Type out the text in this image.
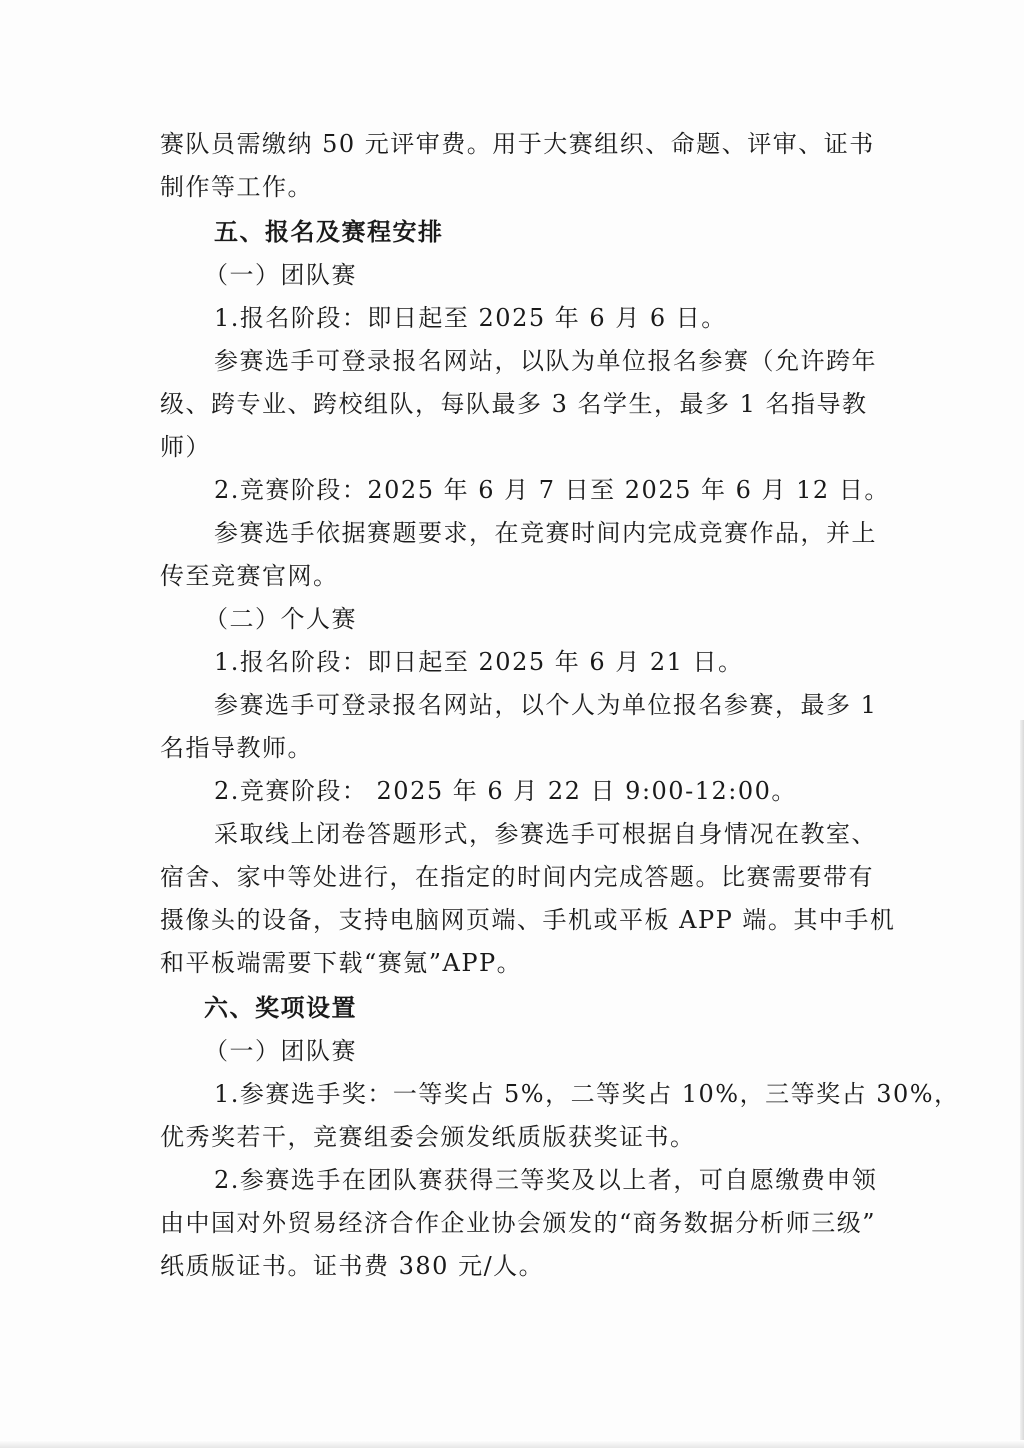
赛队员需缴纳 50 元评审费。用于大赛组织、命题、评审、证书
制作等工作。
五、报名及赛程安排
（一）团队赛
1.报名阶段：即日起至 2025 年 6 月 6 日。
参赛选手可登录报名网站，以队为单位报名参赛（允许跨年
级、跨专业、跨校组队，每队最多 3 名学生，最多 1 名指导教
师）
2.竞赛阶段：2025 年 6 月 7 日至 2025 年 6 月 12 日。
参赛选手依据赛题要求，在竞赛时间内完成竞赛作品，并上
传至竞赛官网。
（二）个人赛
1.报名阶段：即日起至 2025 年 6 月 21 日。
参赛选手可登录报名网站，以个人为单位报名参赛，最多 1
名指导教师。
2.竞赛阶段： 2025 年 6 月 22 日 9:00-12:00。
采取线上闭卷答题形式，参赛选手可根据自身情况在教室、
宿舍、家中等处进行，在指定的时间内完成答题。比赛需要带有
摄像头的设备，支持电脑网页端、手机或平板 APP 端。其中手机
和平板端需要下载“赛氪”APP。
六、奖项设置
（一）团队赛
1.参赛选手奖：一等奖占 5%，二等奖占 10%，三等奖占 30%，
优秀奖若干，竞赛组委会颁发纸质版获奖证书。
2.参赛选手在团队赛获得三等奖及以上者，可自愿缴费申领
由中国对外贸易经济合作企业协会颁发的“商务数据分析师三级”
纸质版证书。证书费 380 元/人。
